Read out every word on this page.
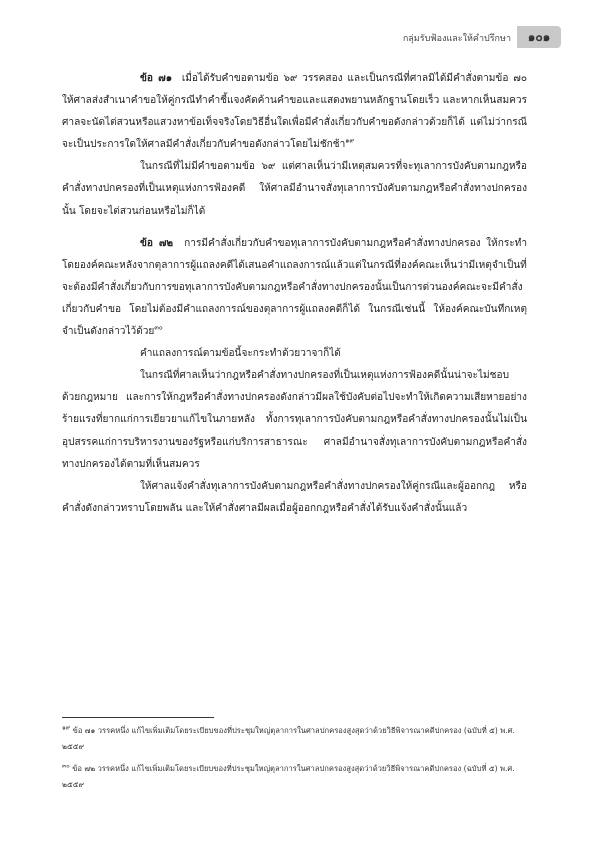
กลุ่มรับฟ้องและให้คำปรึกษา	๑๐๑

ข้อ ๗๑ เมื่อได้รับคำขอตามข้อ ๖๙ วรรคสอง และเป็นกรณีที่ศาลมิได้มีคำสั่งตามข้อ ๗๐ ให้ศาลส่งสำเนาคำขอให้คู่กรณีทำคำชี้แจงคัดค้านคำขอและแสดงพยานหลักฐานโดยเร็ว และหากเห็นสมควร ศาลจะนัดไต่สวนหรือแสวงหาข้อเท็จจริงโดยวิธีอื่นใดเพื่อมีคำสั่งเกี่ยวกับคำขอดังกล่าวด้วยก็ได้ แต่ไม่ว่ากรณีจะเป็นประการใดให้ศาลมีคำสั่งเกี่ยวกับคำขอดังกล่าวโดยไม่ชักช้า$^{๑๙}$

ในกรณีที่ไม่มีคำขอตามข้อ ๖๙ แต่ศาลเห็นว่ามีเหตุสมควรที่จะทุเลาการบังคับตามกฎหรือคำสั่งทางปกครองที่เป็นเหตุแห่งการฟ้องคดี ให้ศาลมีอำนาจสั่งทุเลาการบังคับตามกฎหรือคำสั่งทางปกครองนั้น โดยจะไต่สวนก่อนหรือไม่ก็ได้

ข้อ ๗๒ การมีคำสั่งเกี่ยวกับคำขอทุเลาการบังคับตามกฎหรือคำสั่งทางปกครอง ให้กระทำโดยองค์คณะหลังจากตุลาการผู้แถลงคดีได้เสนอคำแถลงการณ์แล้วแต่ในกรณีที่องค์คณะเห็นว่ามีเหตุจำเป็นที่จะต้องมีคำสั่งเกี่ยวกับการขอทุเลาการบังคับตามกฎหรือคำสั่งทางปกครองนั้นเป็นการด่วนองค์คณะจะมีคำสั่งเกี่ยวกับคำขอ โดยไม่ต้องมีคำแถลงการณ์ของตุลาการผู้แถลงคดีก็ได้ ในกรณีเช่นนี้ ให้องค์คณะบันทึกเหตุจำเป็นดังกล่าวไว้ด้วย$^{๓๐}$

คำแถลงการณ์ตามข้อนี้จะกระทำด้วยวาจาก็ได้

ในกรณีที่ศาลเห็นว่ากฎหรือคำสั่งทางปกครองที่เป็นเหตุแห่งการฟ้องคดีนั้นน่าจะไม่ชอบด้วยกฎหมาย และการให้กฎหรือคำสั่งทางปกครองดังกล่าวมีผลใช้บังคับต่อไปจะทำให้เกิดความเสียหายอย่างร้ายแรงที่ยากแก่การเยียวยาแก้ไขในภายหลัง ทั้งการทุเลาการบังคับตามกฎหรือคำสั่งทางปกครองนั้นไม่เป็นอุปสรรคแก่การบริหารงานของรัฐหรือแก่บริการสาธารณะ ศาลมีอำนาจสั่งทุเลาการบังคับตามกฎหรือคำสั่งทางปกครองได้ตามที่เห็นสมควร

ให้ศาลแจ้งคำสั่งทุเลาการบังคับตามกฎหรือคำสั่งทางปกครองให้คู่กรณีและผู้ออกกฎ หรือคำสั่งดังกล่าวทราบโดยพลัน และให้คำสั่งศาลมีผลเมื่อผู้ออกกฎหรือคำสั่งได้รับแจ้งคำสั่งนั้นแล้ว

$^{๑๙}$ ข้อ ๗๑ วรรคหนึ่ง แก้ไขเพิ่มเติมโดยระเบียบของที่ประชุมใหญ่ตุลาการในศาลปกครองสูงสุดว่าด้วยวิธีพิจารณาคดีปกครอง (ฉบับที่ ๕) พ.ศ. ๒๕๕๙

$^{๓๐}$ ข้อ ๗๒ วรรคหนึ่ง แก้ไขเพิ่มเติมโดยระเบียบของที่ประชุมใหญ่ตุลาการในศาลปกครองสูงสุดว่าด้วยวิธีพิจารณาคดีปกครอง (ฉบับที่ ๕) พ.ศ. ๒๕๕๙
